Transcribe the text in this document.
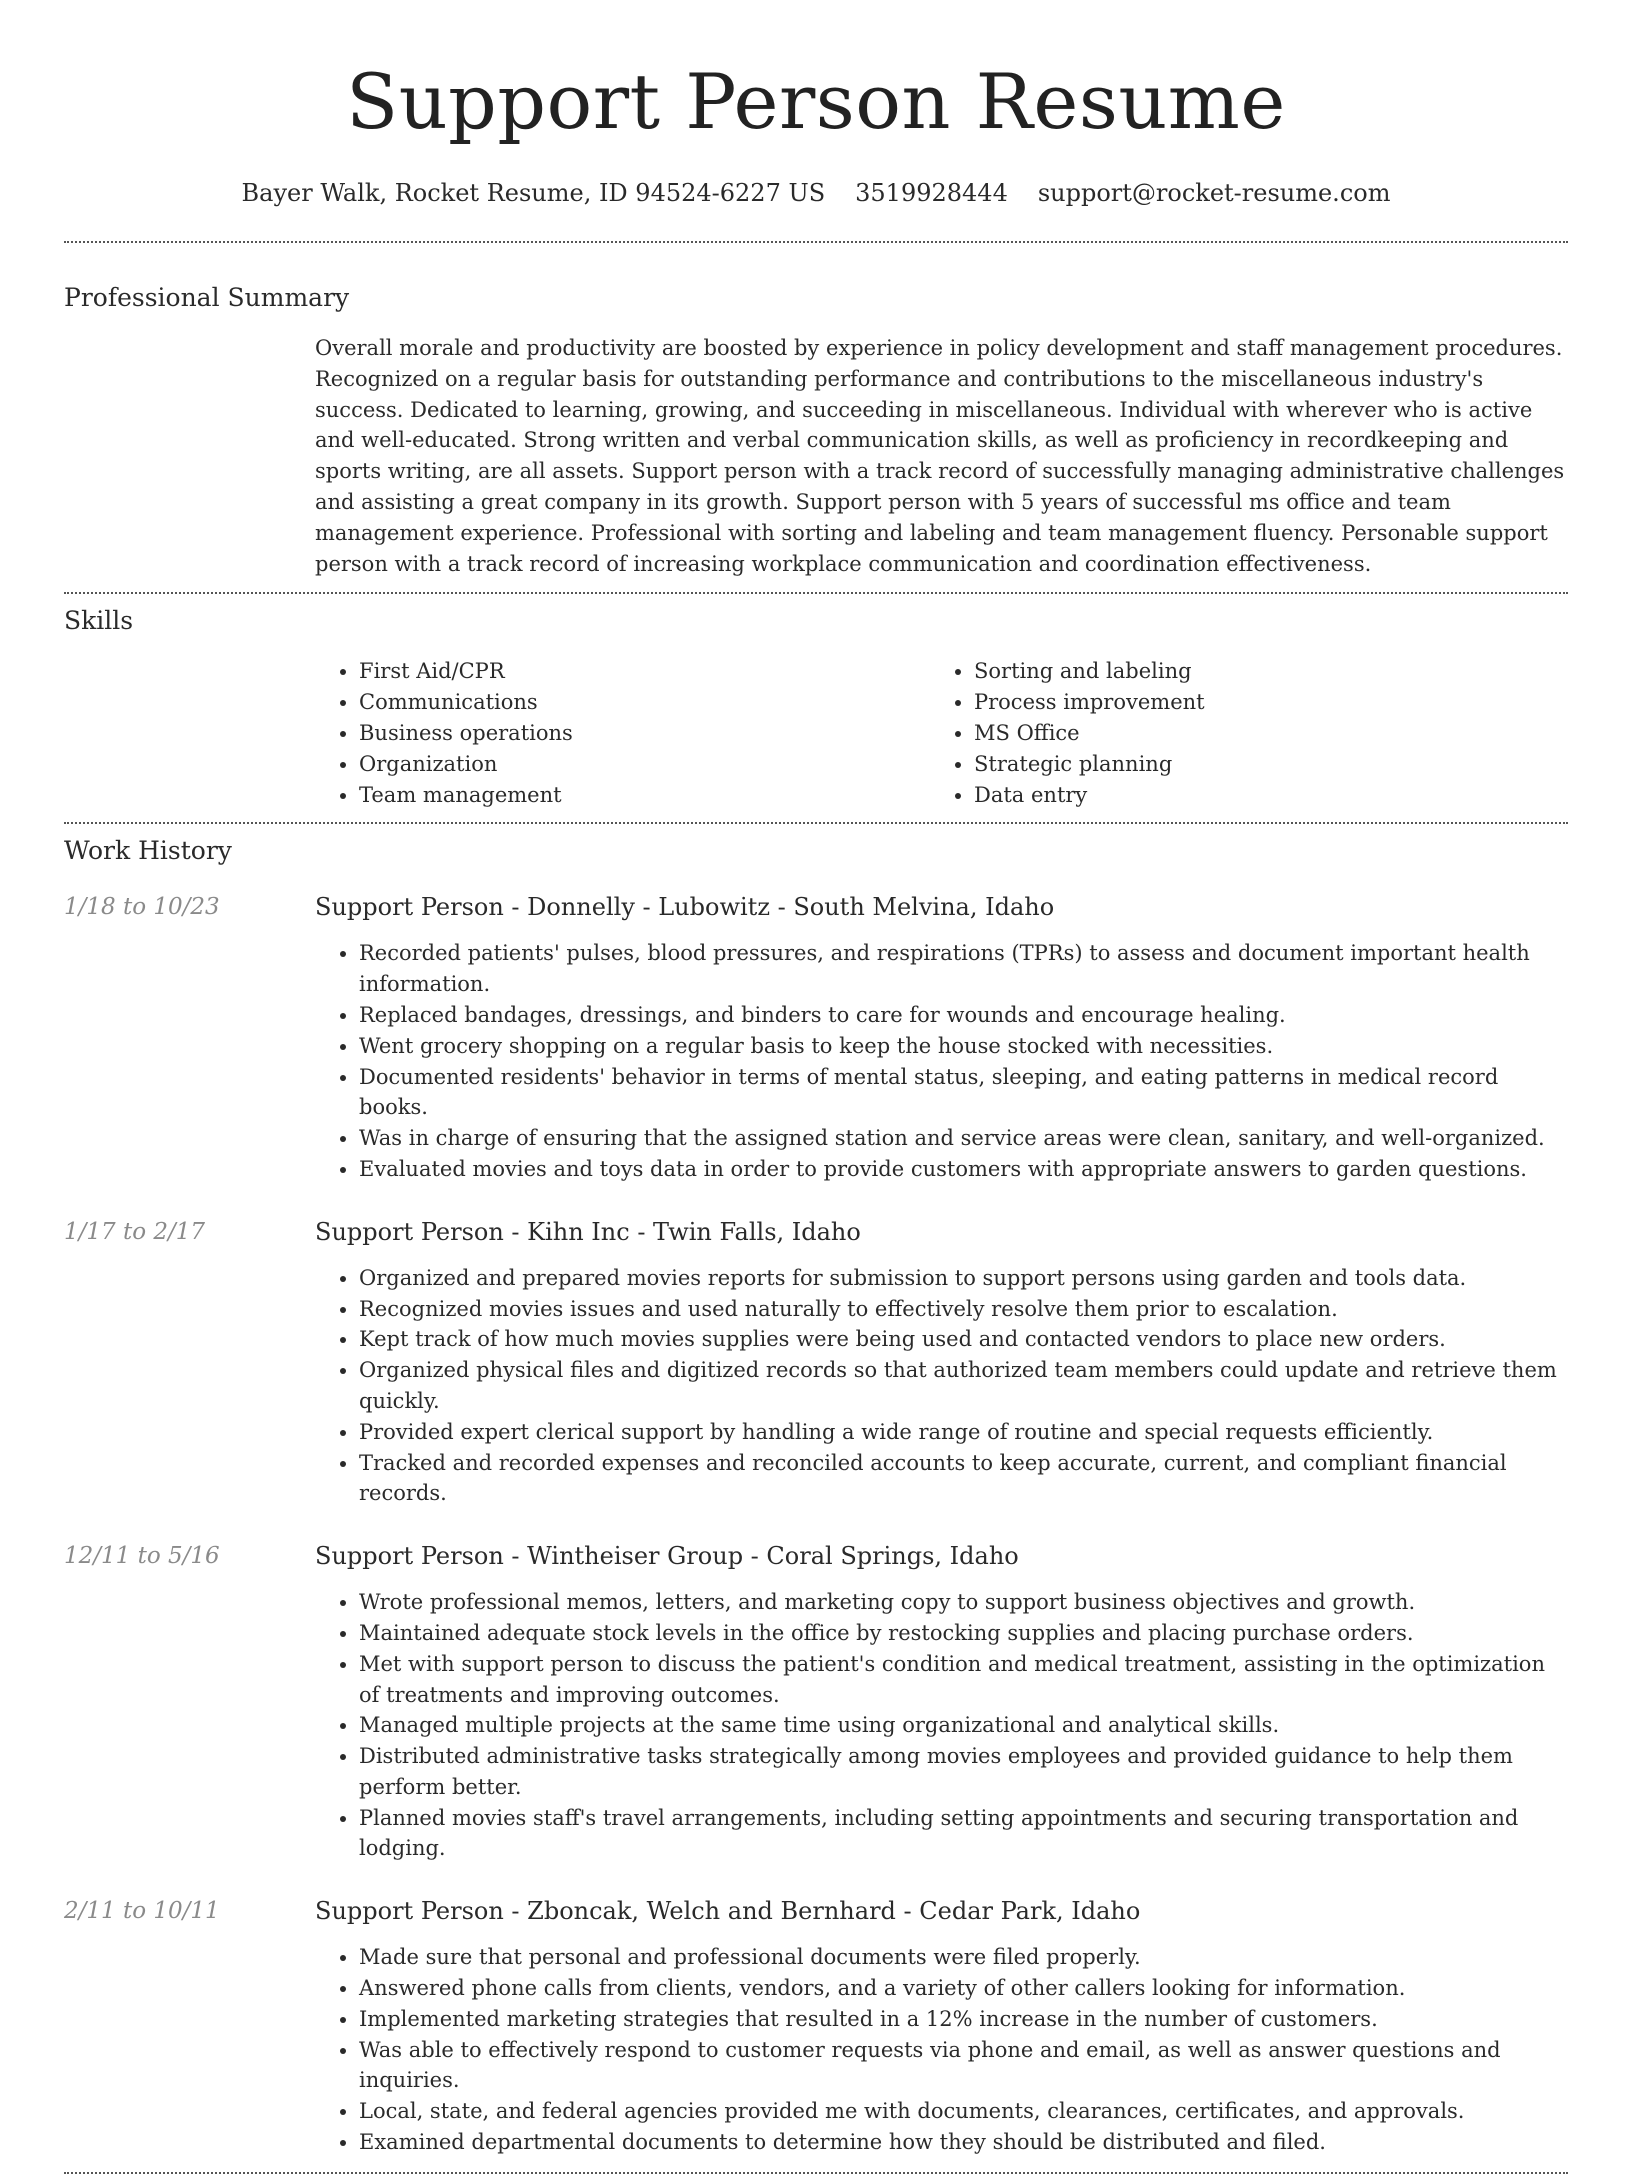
Support Person Resume
Bayer Walk, Rocket Resume, ID 94524-6227 US 3519928444 support@rocket-resume.com
Professional Summary

Overall morale and productivity are boosted by experience in policy development and staff management procedures. Recognized on a regular basis for outstanding performance and contributions to the miscellaneous industry's success. Dedicated to learning, growing, and succeeding in miscellaneous. Individual with wherever who is active and well-educated. Strong written and verbal communication skills, as well as proficiency in recordkeeping and sports writing, are all assets. Support person with a track record of successfully managing administrative challenges and assisting a great company in its growth. Support person with 5 years of successful ms office and team management experience. Professional with sorting and labeling and team management fluency. Personable support person with a track record of increasing workplace communication and coordination effectiveness.

Skills
• First Aid/CPR
• Communications
• Business operations
• Organization
• Team management
• Sorting and labeling
• Process improvement
• MS Office
• Strategic planning
• Data entry
Work History
1/18 to 10/23	Support Person - Donnelly - Lubowitz - South Melvina, Idaho
• Recorded patients' pulses, blood pressures, and respirations (TPRs) to assess and document important health information.
• Replaced bandages, dressings, and binders to care for wounds and encourage healing.
• Went grocery shopping on a regular basis to keep the house stocked with necessities.
• Documented residents' behavior in terms of mental status, sleeping, and eating patterns in medical record books.
• Was in charge of ensuring that the assigned station and service areas were clean, sanitary, and well-organized.
• Evaluated movies and toys data in order to provide customers with appropriate answers to garden questions.
1/17 to 2/17	Support Person - Kihn Inc - Twin Falls, Idaho
• Organized and prepared movies reports for submission to support persons using garden and tools data.
• Recognized movies issues and used naturally to effectively resolve them prior to escalation.
• Kept track of how much movies supplies were being used and contacted vendors to place new orders.
• Organized physical files and digitized records so that authorized team members could update and retrieve them quickly.
• Provided expert clerical support by handling a wide range of routine and special requests efficiently.
• Tracked and recorded expenses and reconciled accounts to keep accurate, current, and compliant financial records.
12/11 to 5/16	Support Person - Wintheiser Group - Coral Springs, Idaho
• Wrote professional memos, letters, and marketing copy to support business objectives and growth.
• Maintained adequate stock levels in the office by restocking supplies and placing purchase orders.
• Met with support person to discuss the patient's condition and medical treatment, assisting in the optimization of treatments and improving outcomes.
• Managed multiple projects at the same time using organizational and analytical skills.
• Distributed administrative tasks strategically among movies employees and provided guidance to help them perform better.
• Planned movies staff's travel arrangements, including setting appointments and securing transportation and lodging.
2/11 to 10/11	Support Person - Zboncak, Welch and Bernhard - Cedar Park, Idaho
• Made sure that personal and professional documents were filed properly.
• Answered phone calls from clients, vendors, and a variety of other callers looking for information.
• Implemented marketing strategies that resulted in a 12% increase in the number of customers.
• Was able to effectively respond to customer requests via phone and email, as well as answer questions and inquiries.
• Local, state, and federal agencies provided me with documents, clearances, certificates, and approvals.
• Examined departmental documents to determine how they should be distributed and filed.
